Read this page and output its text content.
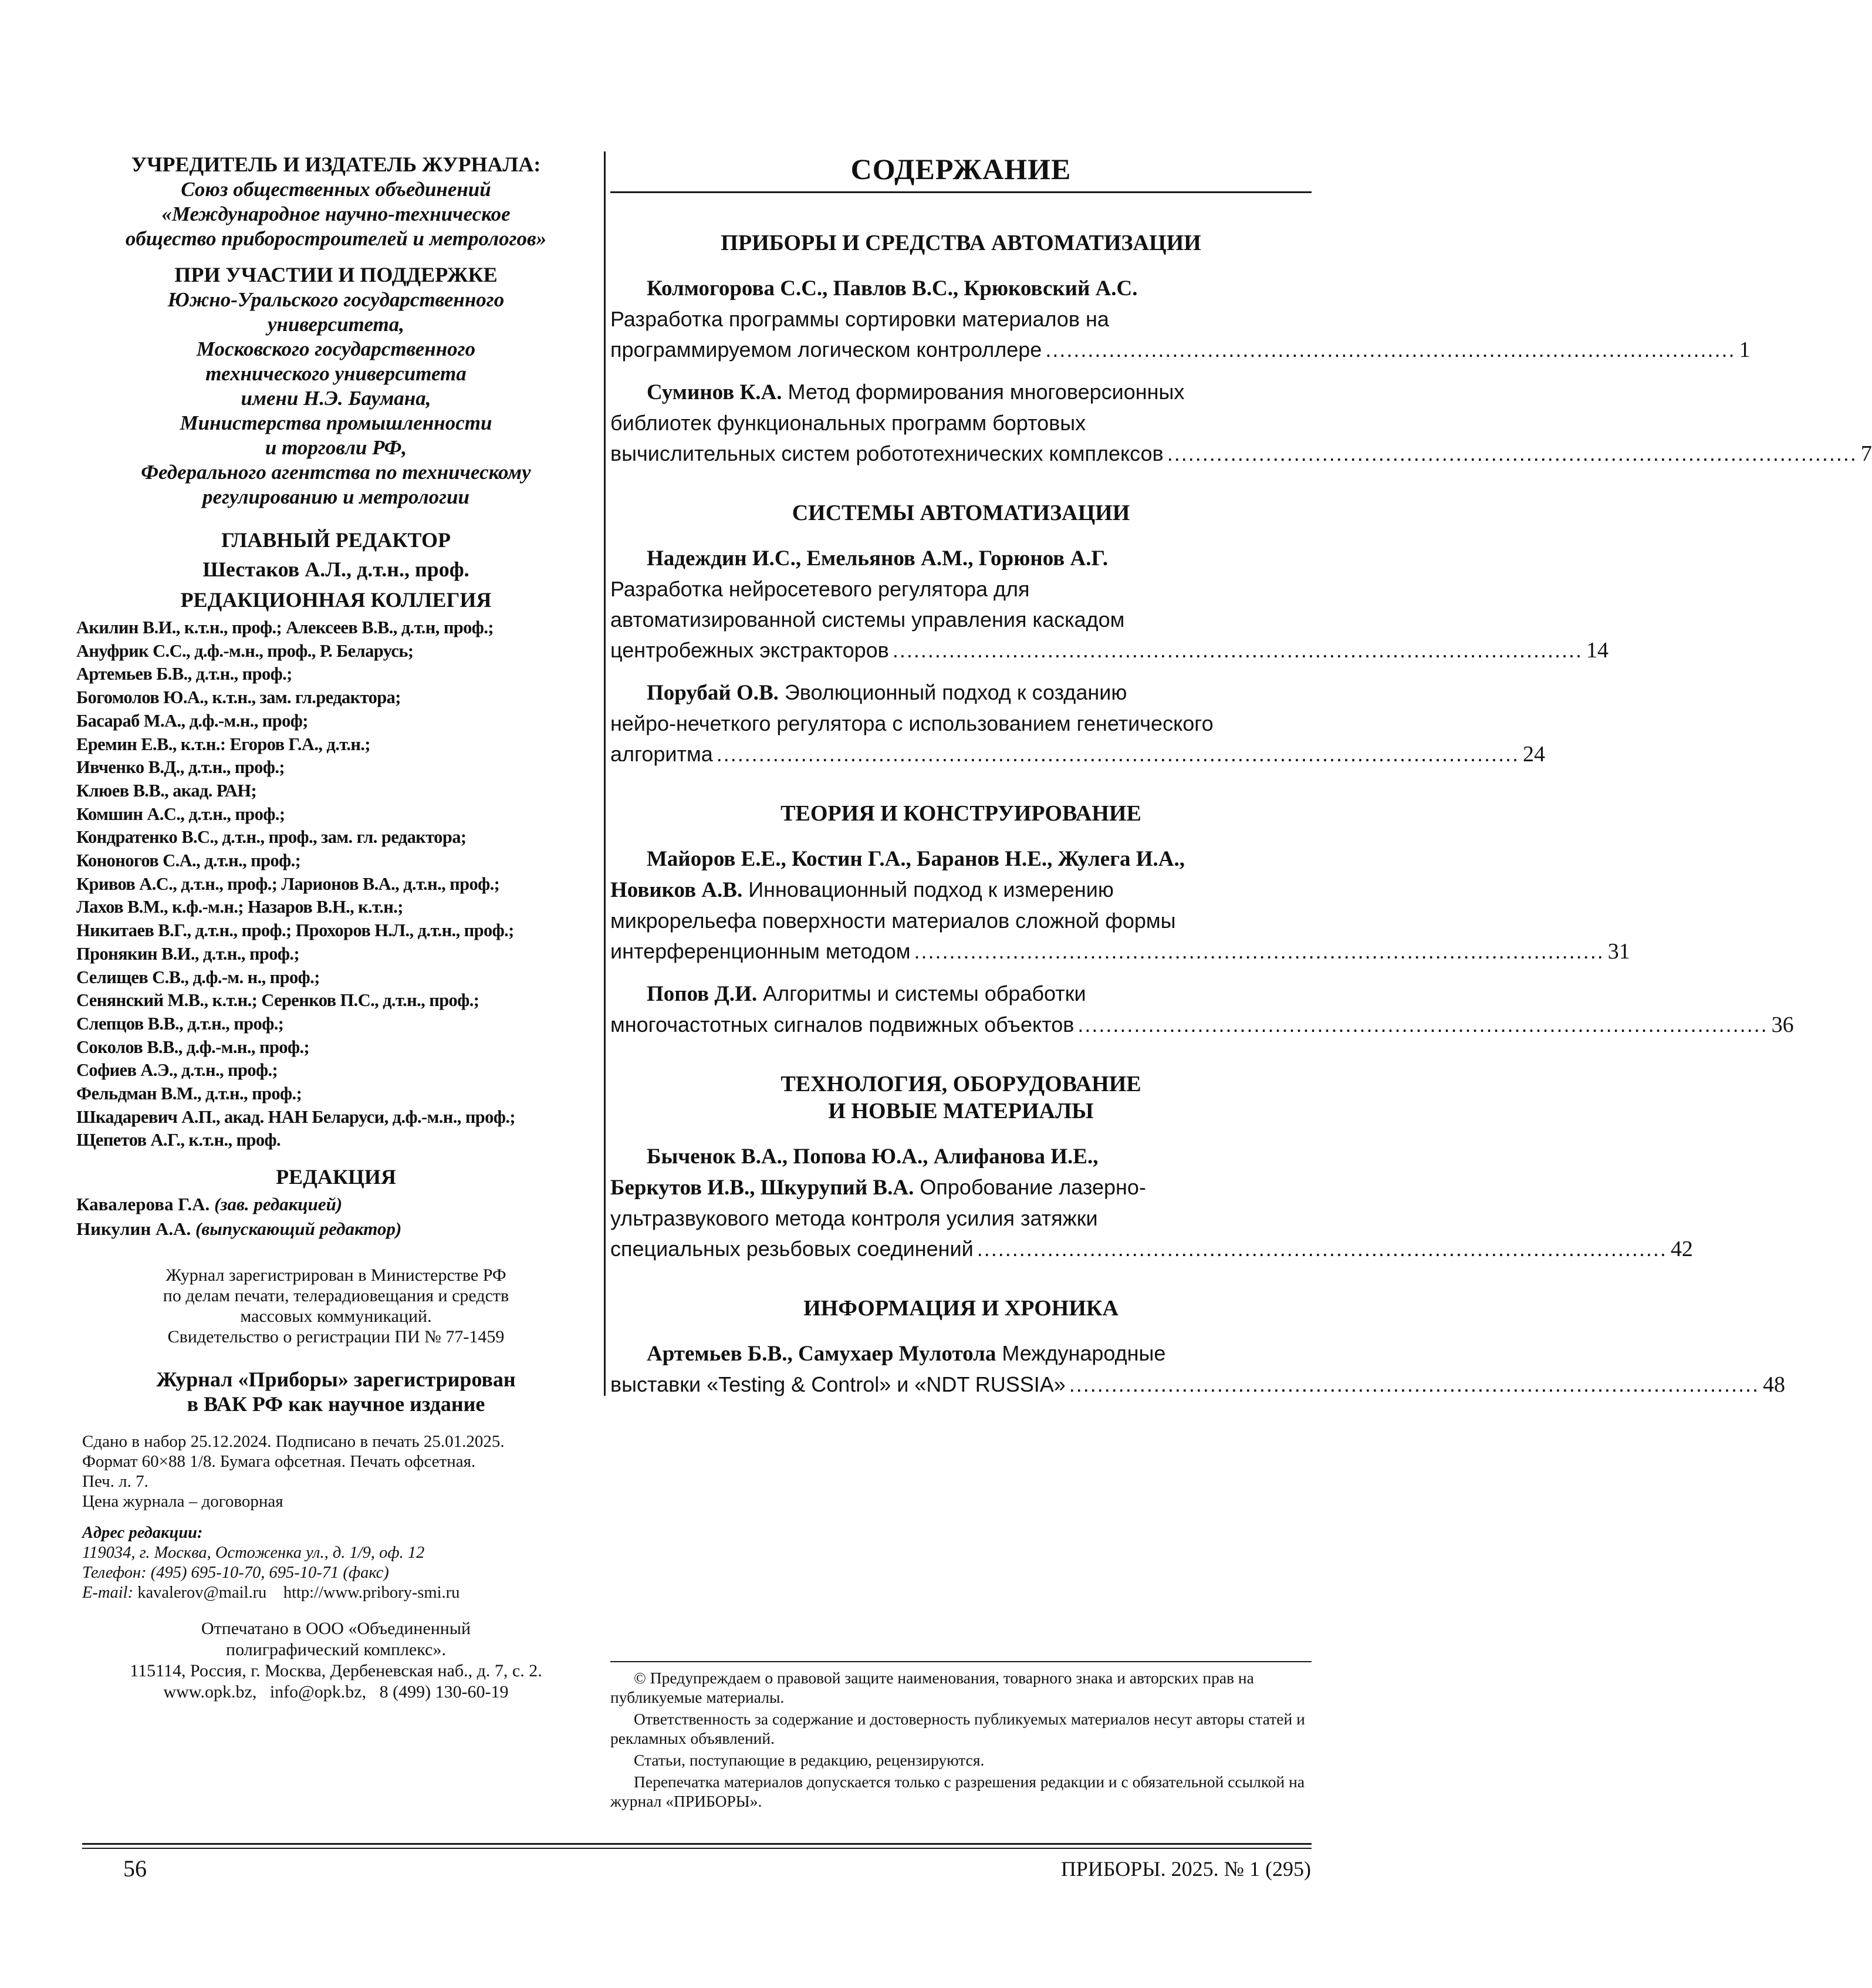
УЧРЕДИТЕЛЬ И ИЗДАТЕЛЬ ЖУРНАЛА:

Союз общественных объединений

«Международное научно-техническое

общество приборостроителей и метрологов»

ПРИ УЧАСТИИ И ПОДДЕРЖКЕ

Южно-Уральского государственного

университета,

Московского государственного

технического университета

имени Н.Э. Баумана,

Министерства промышленности

и торговли РФ,

Федерального агентства по техническому

регулированию и метрологии

ГЛАВНЫЙ РЕДАКТОР

Шестаков А.Л., д.т.н., проф.

РЕДАКЦИОННАЯ КОЛЛЕГИЯ

Акилин В.И., к.т.н., проф.; Алексеев В.В., д.т.н, проф.;
Ануфрик С.С., д.ф.-м.н., проф., Р. Беларусь;
Артемьев Б.В., д.т.н., проф.;
Богомолов Ю.А., к.т.н., зам. гл.редактора;
Басараб М.А., д.ф.-м.н., проф;
Еремин Е.В., к.т.н.: Егоров Г.А., д.т.н.;
Ивченко В.Д., д.т.н., проф.;
Клюев В.В., акад. РАН;
Комшин А.С., д.т.н., проф.;
Кондратенко В.С., д.т.н., проф., зам. гл. редактора;
Кононогов С.А., д.т.н., проф.;
Кривов А.С., д.т.н., проф.; Ларионов В.А., д.т.н., проф.;
Лахов В.М., к.ф.-м.н.; Назаров В.Н., к.т.н.;
Никитаев В.Г., д.т.н., проф.; Прохоров Н.Л., д.т.н., проф.;
Пронякин В.И., д.т.н., проф.;
Селищев С.В., д.ф.-м. н., проф.;
Сенянский М.В., к.т.н.; Серенков П.С., д.т.н., проф.;
Слепцов В.В., д.т.н., проф.;
Соколов В.В., д.ф.-м.н., проф.;
Софиев А.Э., д.т.н., проф.;
Фельдман В.М., д.т.н., проф.;
Шкадаревич А.П., акад. НАН Беларуси, д.ф.-м.н., проф.;
Щепетов А.Г., к.т.н., проф.

РЕДАКЦИЯ

Кавалерова Г.А. (зав. редакцией)

Никулин А.А. (выпускающий редактор)

Журнал зарегистрирован в Министерстве РФ
по делам печати, телерадиовещания и средств
массовых коммуникаций.
Свидетельство о регистрации ПИ № 77-1459
Журнал «Приборы» зарегистрирован
в ВАК РФ как научное издание
Сдано в набор 25.12.2024. Подписано в печать 25.01.2025.
Формат 60×88 1/8. Бумага офсетная. Печать офсетная.
Печ. л. 7.
Цена журнала – договорная
Адрес редакции:
119034, г. Москва, Остоженка ул., д. 1/9, оф. 12
Телефон: (495) 695-10-70, 695-10-71 (факс)
E-mail: kavalerov@mail.ru http://www.pribory-smi.ru
Отпечатано в ООО «Объединенный
полиграфический комплекс».
115114, Россия, г. Москва, Дербеневская наб., д. 7, с. 2.
www.opk.bz,   info@opk.bz,   8 (499) 130-60-19
СОДЕРЖАНИЕ
ПРИБОРЫ И СРЕДСТВА АВТОМАТИЗАЦИИ
Колмогорова С.С., Павлов В.С., Крюковский А.С.
Разработка программы сортировки материалов на
программируемом логическом контроллере .................................................................................................. 1
Суминов К.А. Метод формирования многоверсионных
библиотек функциональных программ бортовых
вычислительных систем робототехнических комплексов .................................................................................................. 7
СИСТЕМЫ АВТОМАТИЗАЦИИ
Надеждин И.С., Емельянов А.М., Горюнов А.Г.
Разработка нейросетевого регулятора для
автоматизированной системы управления каскадом
центробежных экстракторов .................................................................................................. 14
Порубай О.В. Эволюционный подход к созданию
нейро-нечеткого регулятора с использованием генетического
алгоритма .................................................................................................................. 24
ТЕОРИЯ И КОНСТРУИРОВАНИЕ
Майоров Е.Е., Костин Г.А., Баранов Н.Е., Жулега И.А.,
Новиков А.В. Инновационный подход к измерению
микрорельефа поверхности материалов сложной формы
интерференционным методом .................................................................................................. 31
Попов Д.И. Алгоритмы и системы обработки
многочастотных сигналов подвижных объектов .................................................................................................. 36
ТЕХНОЛОГИЯ, ОБОРУДОВАНИЕ
И НОВЫЕ МАТЕРИАЛЫ
Быченок В.А., Попова Ю.А., Алифанова И.Е.,
Беркутов И.В., Шкурупий В.А. Опробование лазерно-
ультразвукового метода контроля усилия затяжки
специальных резьбовых соединений .................................................................................................. 42
ИНФОРМАЦИЯ И ХРОНИКА
Артемьев Б.В., Самухаер Мулотола Международные
выставки «Testing & Control» и «NDT RUSSIA» .................................................................................................. 48

© Предупреждаем о правовой защите наименования, товарного знака и авторских прав на публикуемые материалы.

Ответственность за содержание и достоверность публикуемых материалов несут авторы статей и рекламных объявлений.

Статьи, поступающие в редакцию, рецензируются.

Перепечатка материалов допускается только с разрешения редакции и с обязательной ссылкой на журнал «ПРИБОРЫ».

56	ПРИБОРЫ. 2025. № 1 (295)
